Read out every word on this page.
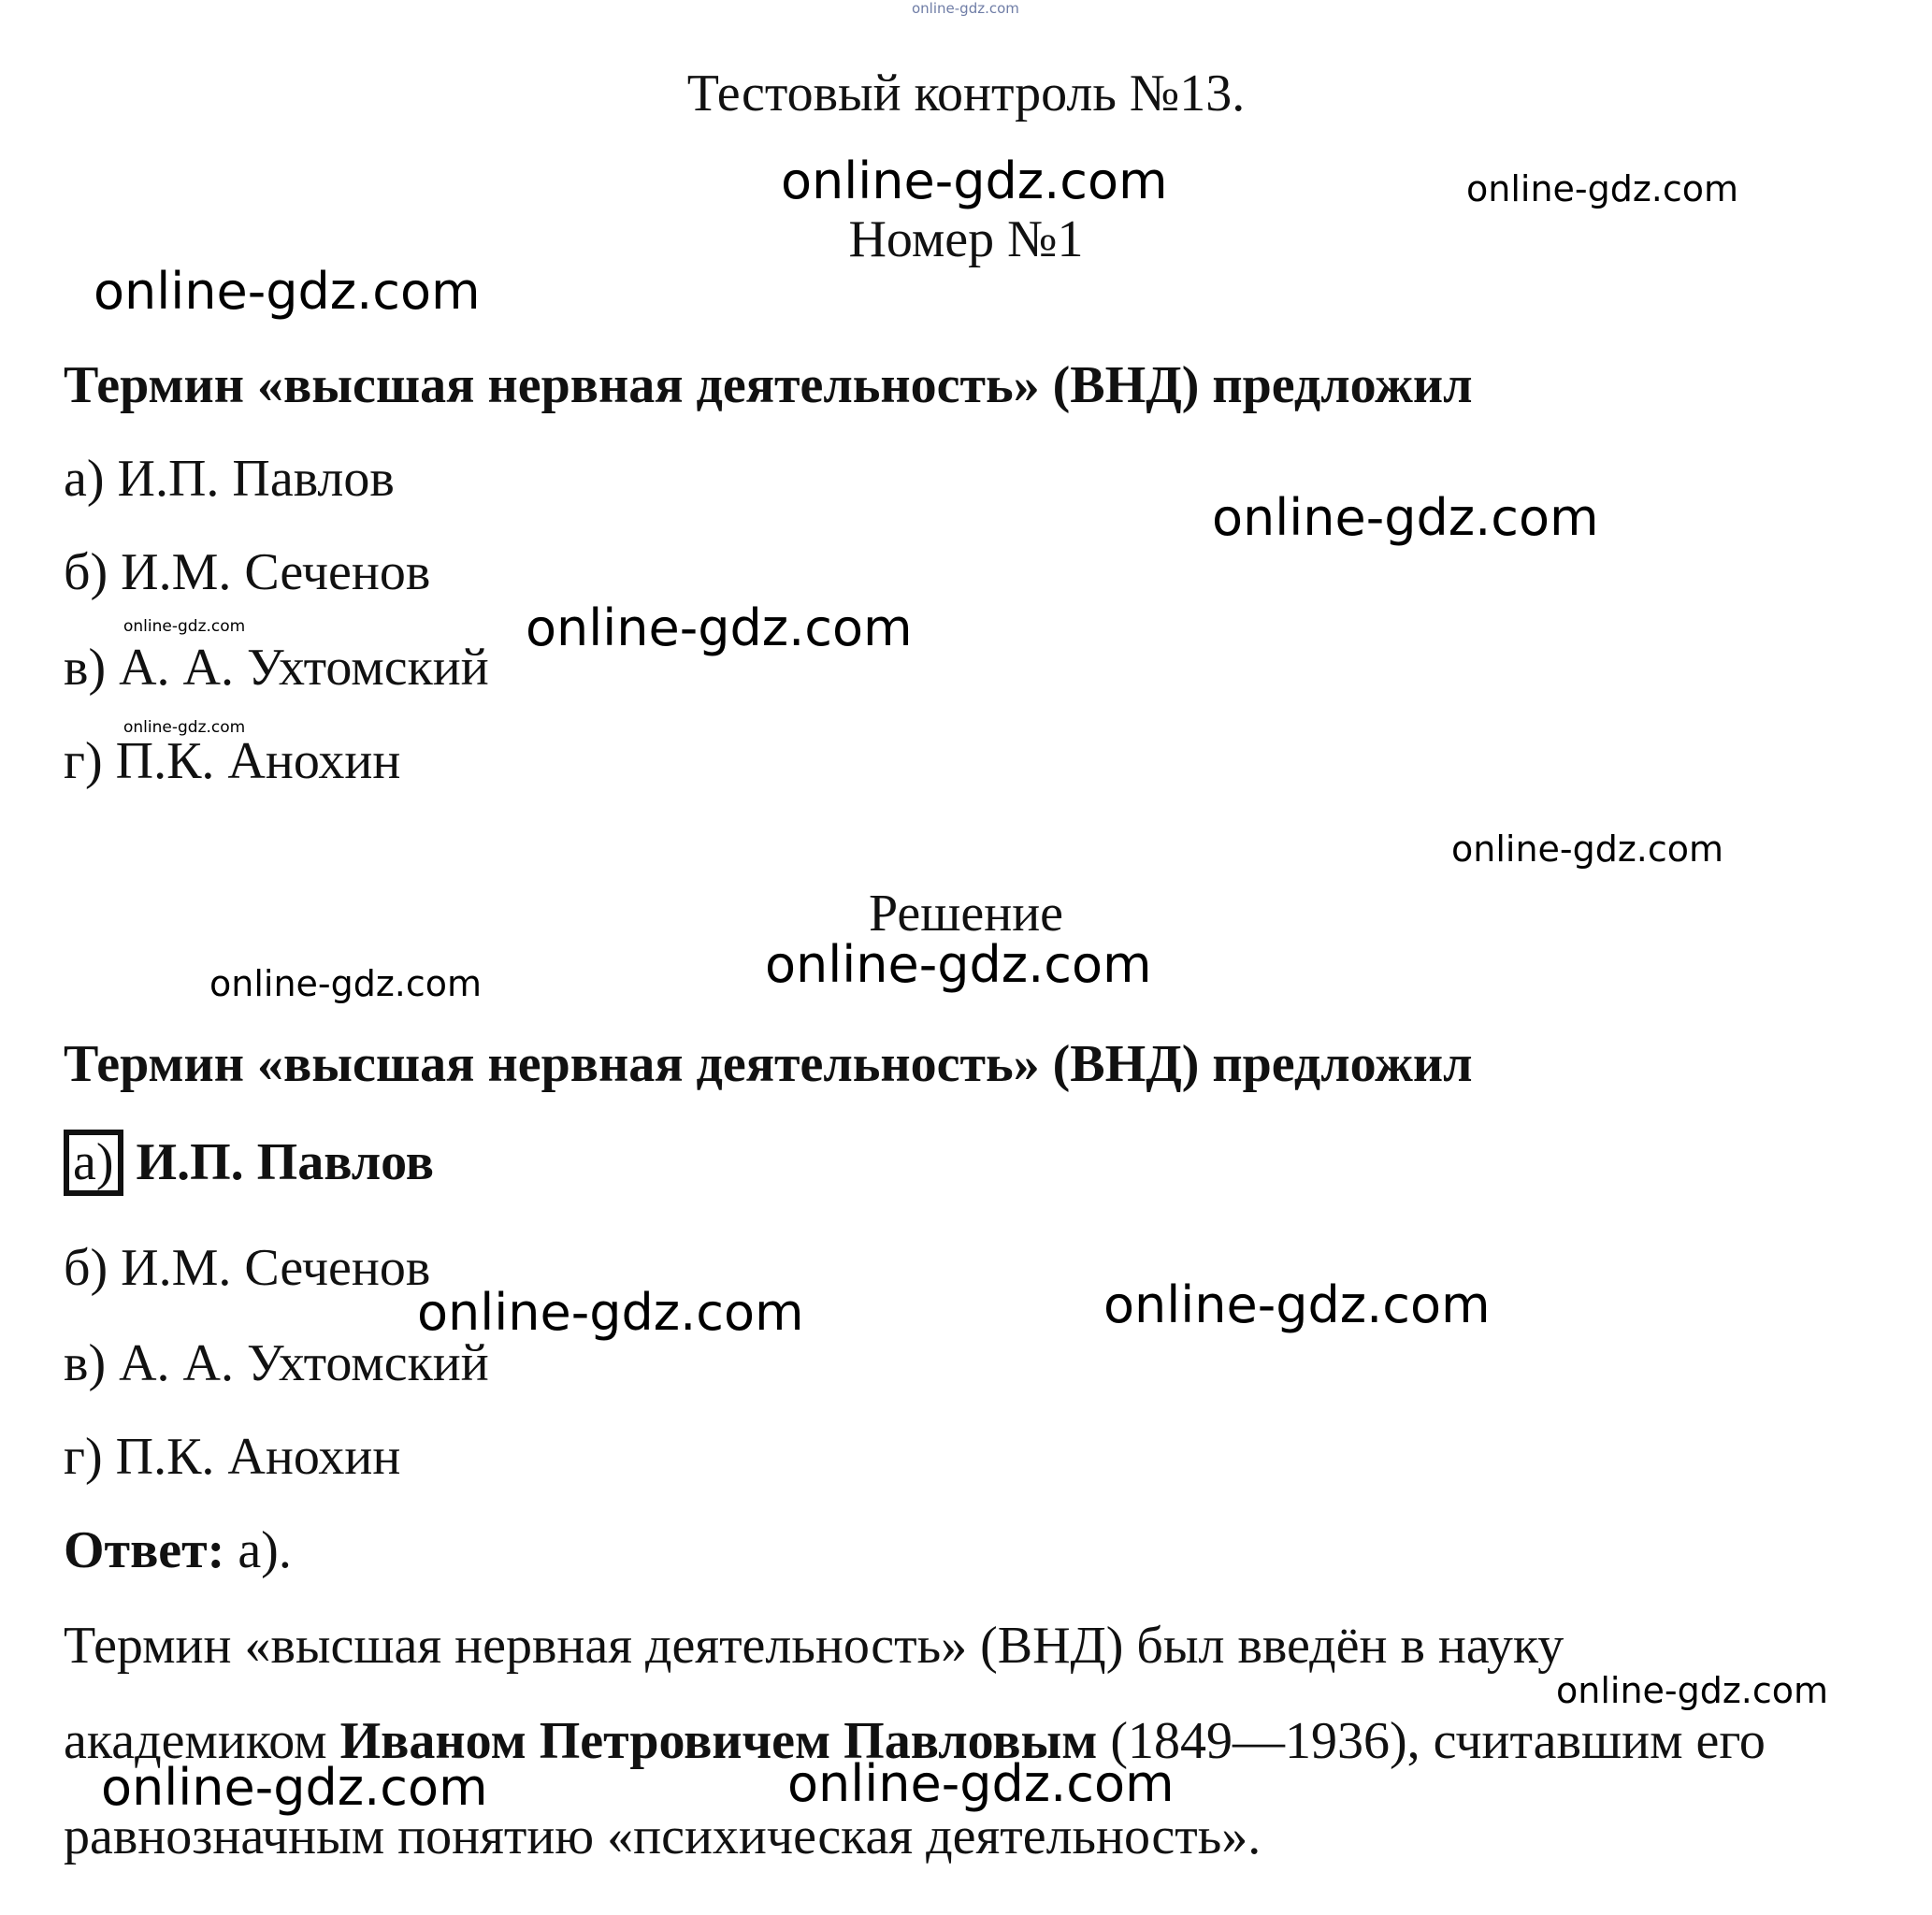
Тестовый контроль №13.
Номер №1
Термин «высшая нервная деятельность» (ВНД) предложил
а) И.П. Павлов
б) И.М. Сеченов
в) А. А. Ухтомский
г) П.К. Анохин
Решение
Термин «высшая нервная деятельность» (ВНД) предложил
а) И.П. Павлов
б) И.М. Сеченов
в) А. А. Ухтомский
г) П.К. Анохин
Ответ: а).
Термин «высшая нервная деятельность» (ВНД) был введён в науку
академиком Иваном Петровичем Павловым (1849—1936), считавшим его
равнозначным понятию «психическая деятельность».
online-gdz.com
online-gdz.com	online-gdz.com
online-gdz.com
online-gdz.com
online-gdz.com	online-gdz.com
online-gdz.com
online-gdz.com
online-gdz.com
online-gdz.com
online-gdz.com	online-gdz.com
online-gdz.com
online-gdz.com	online-gdz.com
